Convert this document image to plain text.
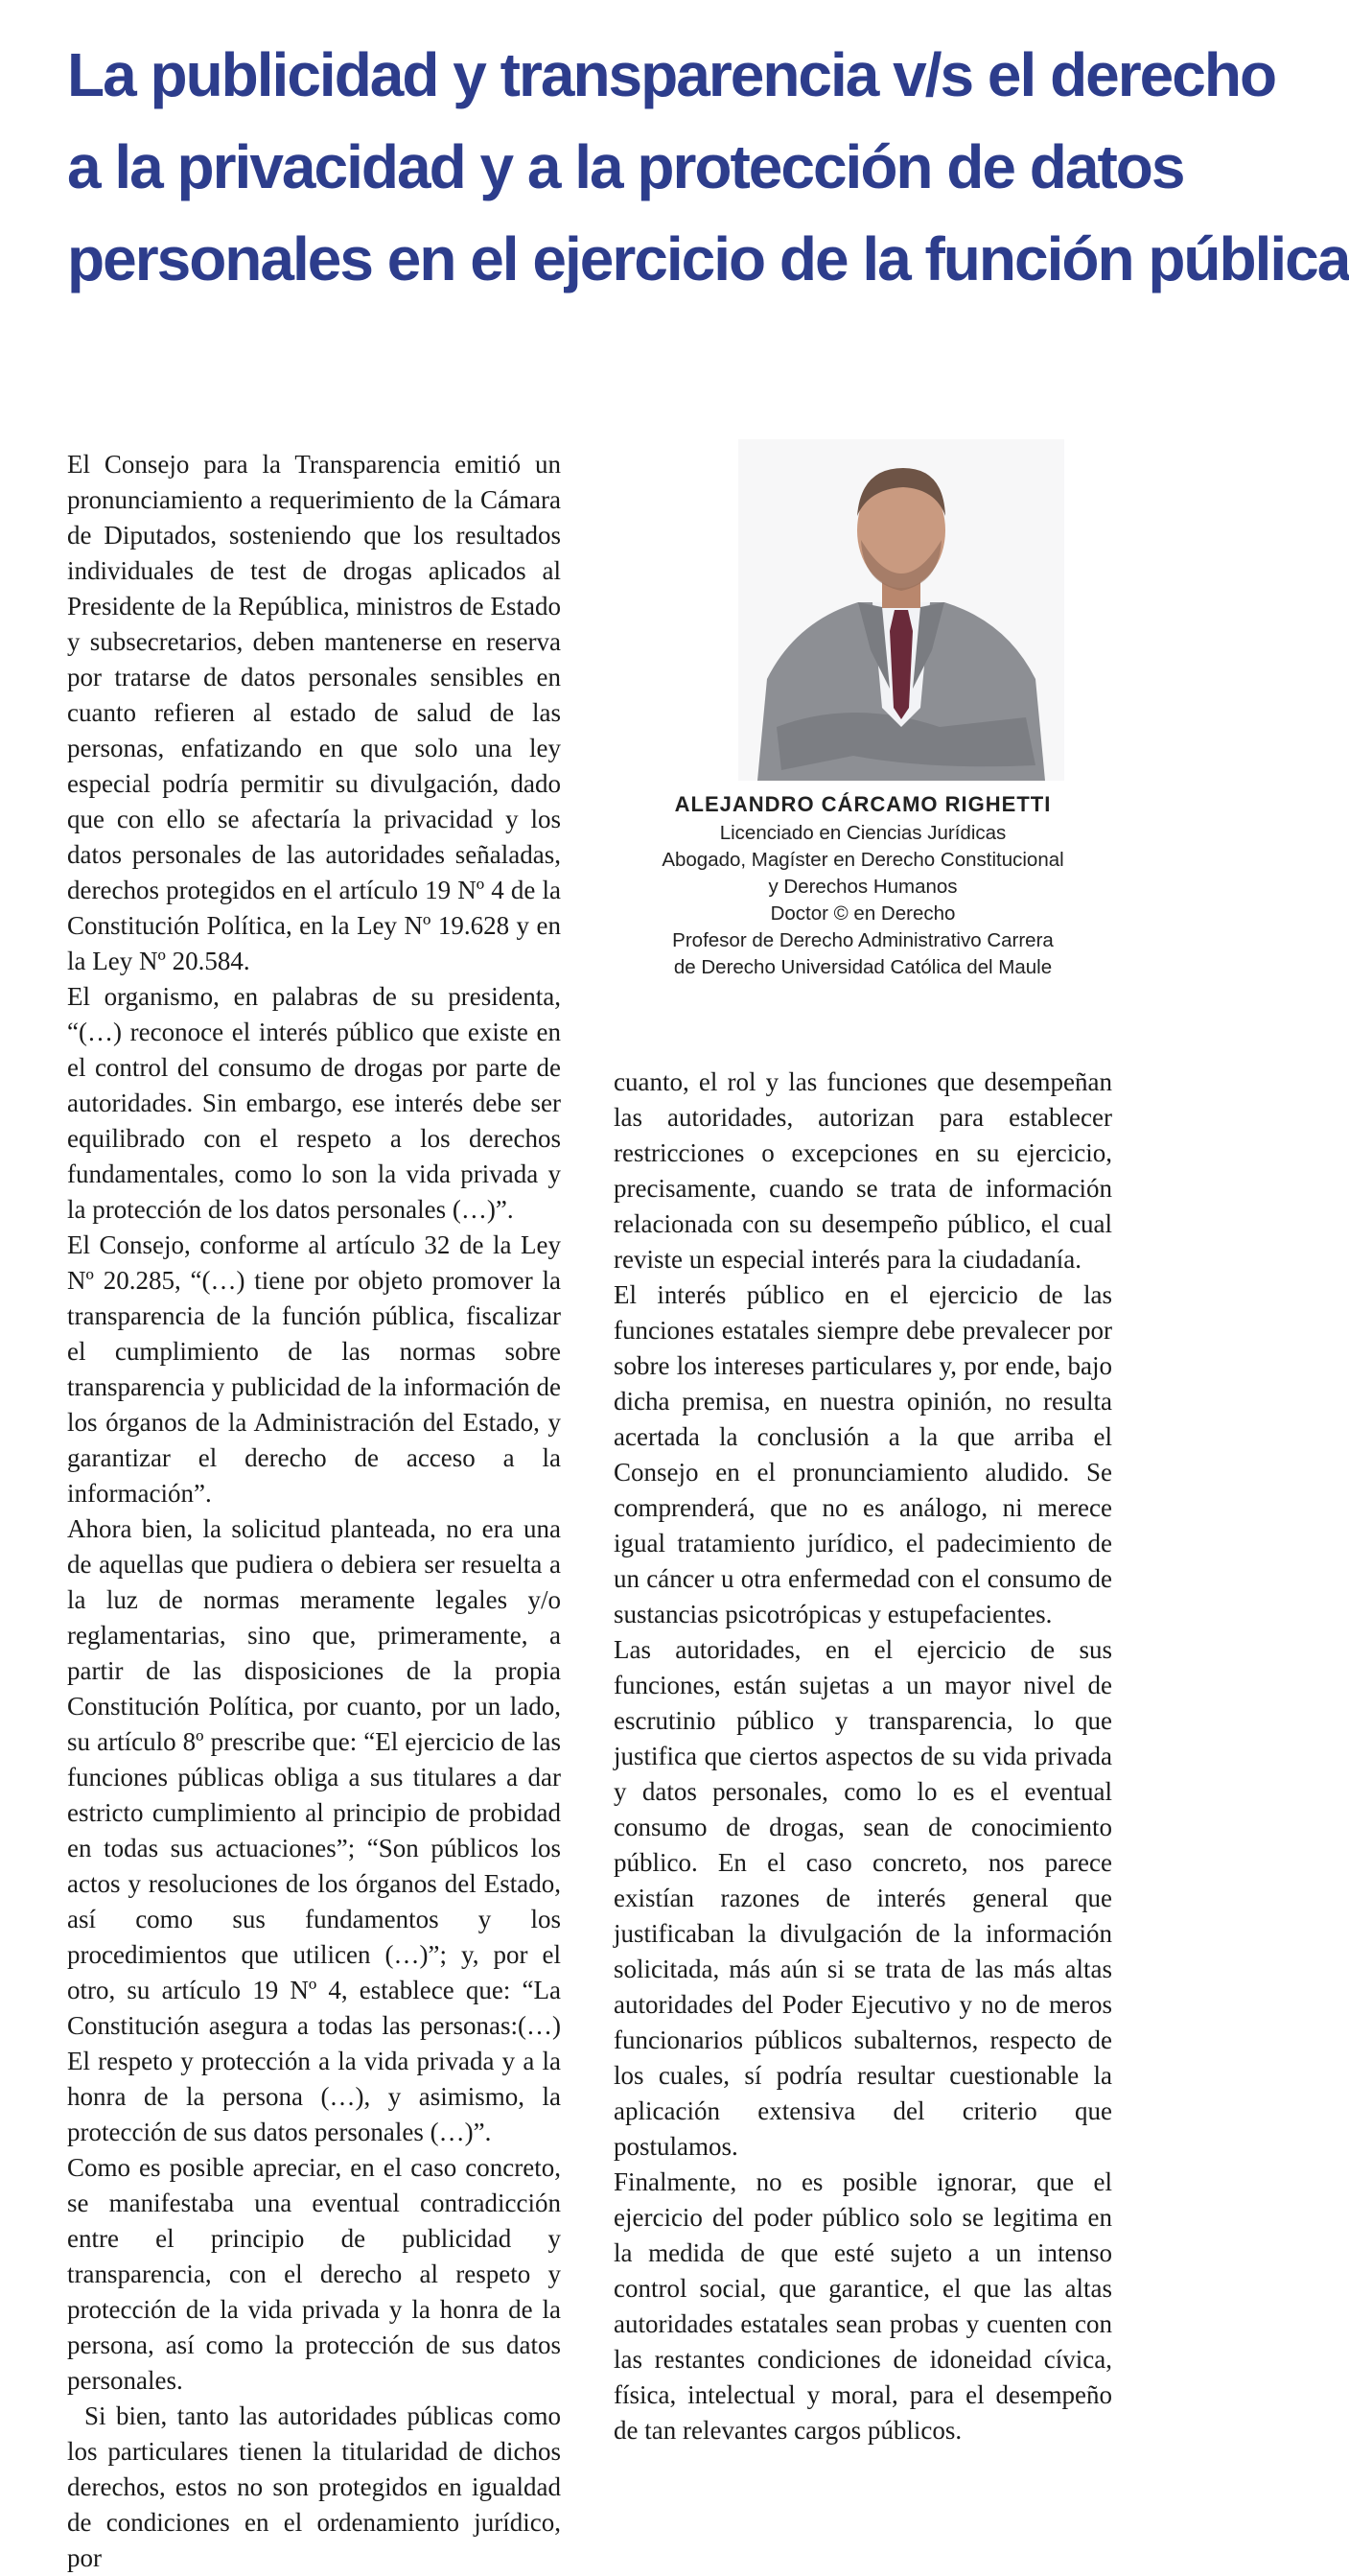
La publicidad y transparencia v/s el derecho
a la privacidad y a la protección de datos
personales en el ejercicio de la función pública

El Consejo para la Transparencia emitió un pronunciamiento a requerimiento de la Cámara de Diputados, sosteniendo que los resultados individuales de test de drogas aplicados al Presidente de la República, ministros de Estado y subsecretarios, deben mantenerse en reserva por tratarse de datos personales sensibles en cuanto refieren al estado de salud de las personas, enfatizando en que solo una ley especial podría permitir su divulgación, dado que con ello se afectaría la privacidad y los datos personales de las autoridades señaladas, derechos protegidos en el artículo 19 Nº 4 de la Constitución Política, en la Ley Nº 19.628 y en la Ley Nº 20.584.

El organismo, en palabras de su presidenta, “(…) reconoce el interés público que existe en el control del consumo de drogas por parte de autoridades. Sin embargo, ese interés debe ser equilibrado con el respeto a los derechos fundamentales, como lo son la vida privada y la protección de los datos personales (…)”.

El Consejo, conforme al artículo 32 de la Ley Nº 20.285, “(…) tiene por objeto promover la transparencia de la función pública, fiscalizar el cumplimiento de las normas sobre transparencia y publicidad de la información de los órganos de la Administración del Estado, y garantizar el derecho de acceso a la información”.

Ahora bien, la solicitud planteada, no era una de aquellas que pudiera o debiera ser resuelta a la luz de normas meramente legales y/o reglamentarias, sino que, primeramente, a partir de las disposiciones de la propia Constitución Política, por cuanto, por un lado, su artículo 8º prescribe que: “El ejercicio de las funciones públicas obliga a sus titulares a dar estricto cumplimiento al principio de probidad en todas sus actuaciones”; “Son públicos los actos y resoluciones de los órganos del Estado, así como sus fundamentos y los procedimientos que utilicen (…)”; y, por el otro, su artículo 19 Nº 4, establece que: “La Constitución asegura a todas las personas:(…) El respeto y protección a la vida privada y a la honra de la persona (…), y asimismo, la protección de sus datos personales (…)”.

Como es posible apreciar, en el caso concreto, se manifestaba una eventual contradicción entre el principio de publicidad y transparencia, con el derecho al respeto y protección de la vida privada y la honra de la persona, así como la protección de sus datos personales.

Si bien, tanto las autoridades públicas como los particulares tienen la titularidad de dichos derechos, estos no son protegidos en igualdad de condiciones en el ordenamiento jurídico, por

ALEJANDRO CÁRCAMO RIGHETTI
Licenciado en Ciencias Jurídicas
Abogado, Magíster en Derecho Constitucional
y Derechos Humanos
Doctor © en Derecho
Profesor de Derecho Administrativo Carrera
de Derecho Universidad Católica del Maule

cuanto, el rol y las funciones que desempeñan las autoridades, autorizan para establecer restricciones o excepciones en su ejercicio, precisamente, cuando se trata de información relacionada con su desempeño público, el cual reviste un especial interés para la ciudadanía.

El interés público en el ejercicio de las funciones estatales siempre debe prevalecer por sobre los intereses particulares y, por ende, bajo dicha premisa, en nuestra opinión, no resulta acertada la conclusión a la que arriba el Consejo en el pronunciamiento aludido. Se comprenderá, que no es análogo, ni merece igual tratamiento jurídico, el padecimiento de un cáncer u otra enfermedad con el consumo de sustancias psicotrópicas y estupefacientes.

Las autoridades, en el ejercicio de sus funciones, están sujetas a un mayor nivel de escrutinio público y transparencia, lo que justifica que ciertos aspectos de su vida privada y datos personales, como lo es el eventual consumo de drogas, sean de conocimiento público. En el caso concreto, nos parece existían razones de interés general que justificaban la divulgación de la información solicitada, más aún si se trata de las más altas autoridades del Poder Ejecutivo y no de meros funcionarios públicos subalternos, respecto de los cuales, sí podría resultar cuestionable la aplicación extensiva del criterio que postulamos.

Finalmente, no es posible ignorar, que el ejercicio del poder público solo se legitima en la medida de que esté sujeto a un intenso control social, que garantice, el que las altas autoridades estatales sean probas y cuenten con las restantes condiciones de idoneidad cívica, física, intelectual y moral, para el desempeño de tan relevantes cargos públicos.
